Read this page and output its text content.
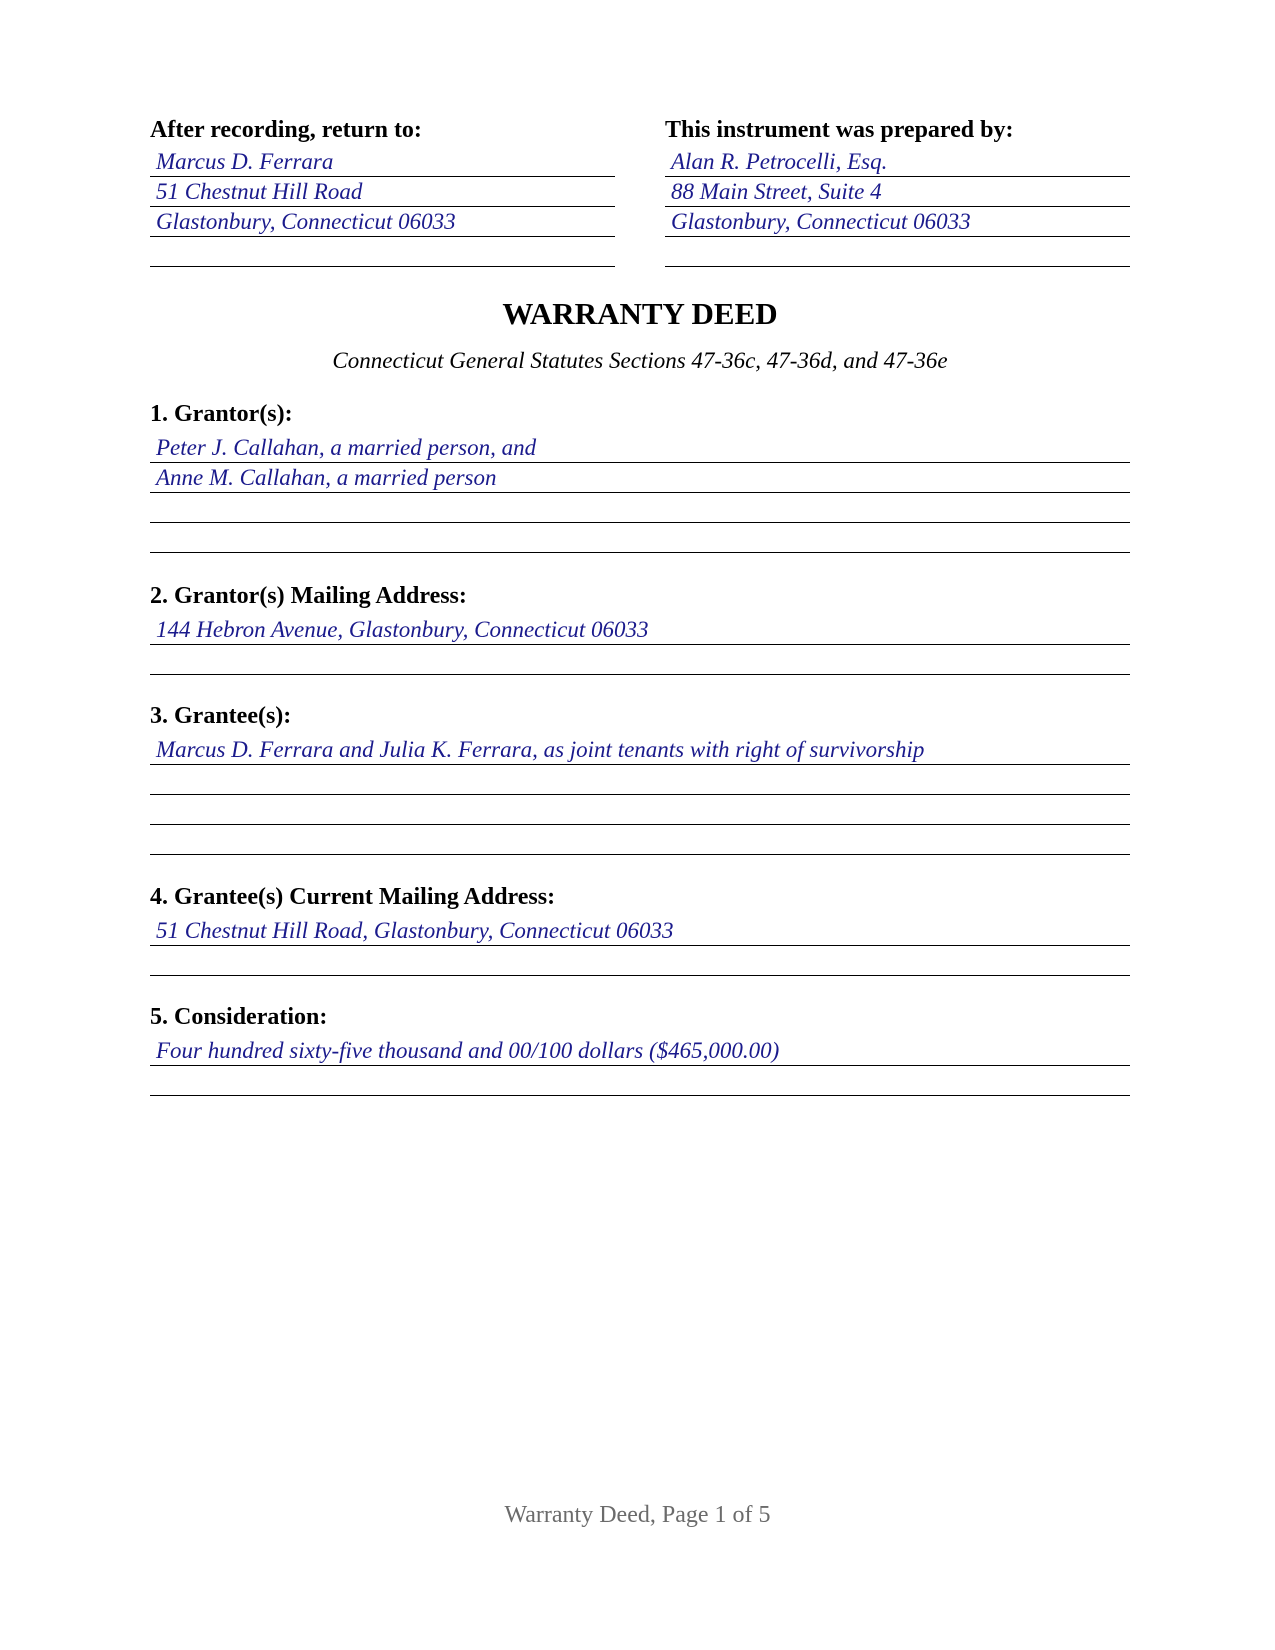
After recording, return to:
Marcus D. Ferrara
51 Chestnut Hill Road
Glastonbury, Connecticut 06033
This instrument was prepared by:
Alan R. Petrocelli, Esq.
88 Main Street, Suite 4
Glastonbury, Connecticut 06033
WARRANTY DEED
Connecticut General Statutes Sections 47-36c, 47-36d, and 47-36e
1. Grantor(s):
Peter J. Callahan, a married person, and
Anne M. Callahan, a married person
2. Grantor(s) Mailing Address:
144 Hebron Avenue, Glastonbury, Connecticut 06033
3. Grantee(s):
Marcus D. Ferrara and Julia K. Ferrara, as joint tenants with right of survivorship
4. Grantee(s) Current Mailing Address:
51 Chestnut Hill Road, Glastonbury, Connecticut 06033
5. Consideration:
Four hundred sixty-five thousand and 00/100 dollars ($465,000.00)
Warranty Deed, Page 1 of 5
